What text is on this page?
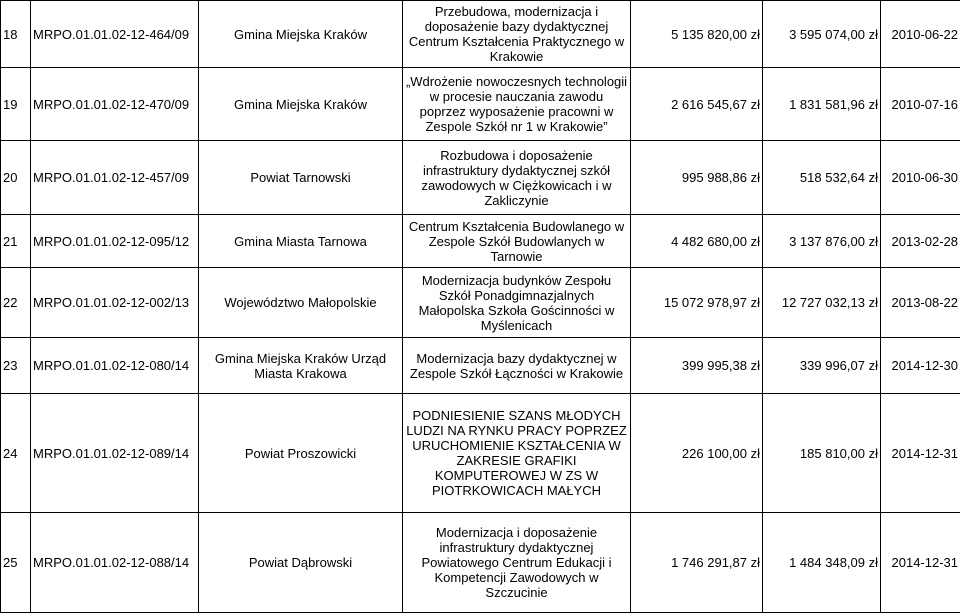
18	MRPO.01.01.02-12-464/09	Gmina Miejska Kraków	Przebudowa, modernizacja i doposażenie bazy dydaktycznej Centrum Kształcenia Praktycznego w Krakowie	5 135 820,00 zł	3 595 074,00 zł	2010-06-22
19	MRPO.01.01.02-12-470/09	Gmina Miejska Kraków	„Wdrożenie nowoczesnych technologii w procesie nauczania zawodu poprzez wyposażenie pracowni w Zespole Szkół nr 1 w Krakowie”	2 616 545,67 zł	1 831 581,96 zł	2010-07-16
20	MRPO.01.01.02-12-457/09	Powiat Tarnowski	Rozbudowa i doposażenie infrastruktury dydaktycznej szkół zawodowych w Ciężkowicach i w Zakliczynie	995 988,86 zł	518 532,64 zł	2010-06-30
21	MRPO.01.01.02-12-095/12	Gmina Miasta Tarnowa	Centrum Kształcenia Budowlanego w Zespole Szkół Budowlanych w Tarnowie	4 482 680,00 zł	3 137 876,00 zł	2013-02-28
22	MRPO.01.01.02-12-002/13	Województwo Małopolskie	Modernizacja budynków Zespołu Szkół Ponadgimnazjalnych Małopolska Szkoła Gościnności w Myślenicach	15 072 978,97 zł	12 727 032,13 zł	2013-08-22
23	MRPO.01.01.02-12-080/14	Gmina Miejska Kraków Urząd Miasta Krakowa	Modernizacja bazy dydaktycznej w Zespole Szkół Łączności w Krakowie	399 995,38 zł	339 996,07 zł	2014-12-30
24	MRPO.01.01.02-12-089/14	Powiat Proszowicki	PODNIESIENIE SZANS MŁODYCH LUDZI NA RYNKU PRACY POPRZEZ URUCHOMIENIE KSZTAŁCENIA W ZAKRESIE GRAFIKI KOMPUTEROWEJ W ZS W PIOTRKOWICACH MAŁYCH	226 100,00 zł	185 810,00 zł	2014-12-31
25	MRPO.01.01.02-12-088/14	Powiat Dąbrowski	Modernizacja i doposażenie infrastruktury dydaktycznej Powiatowego Centrum Edukacji i Kompetencji Zawodowych w Szczucinie	1 746 291,87 zł	1 484 348,09 zł	2014-12-31
